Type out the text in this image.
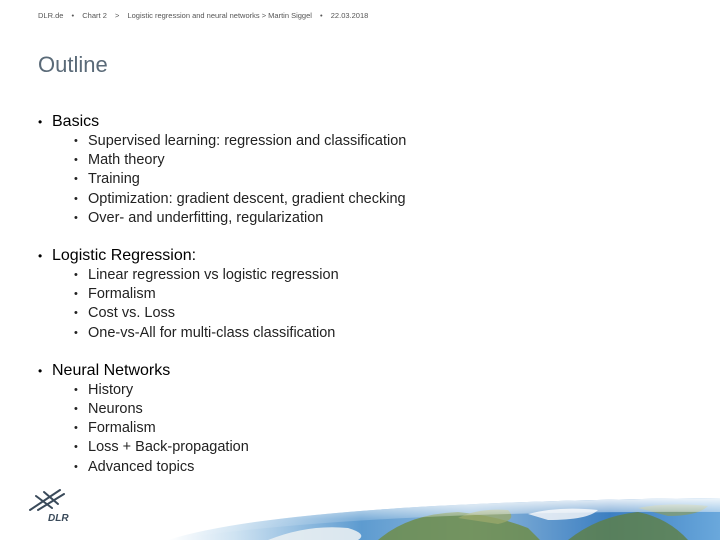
DLR.de • Chart 2 > Logistic regression and neural networks > Martin Siggel • 22.03.2018
Outline
• Basics
• Supervised learning: regression and classification
• Math theory
• Training
• Optimization: gradient descent, gradient checking
• Over- and underfitting, regularization
• Logistic Regression:
• Linear regression vs logistic regression
• Formalism
• Cost vs. Loss
• One-vs-All for multi-class classification
• Neural Networks
• History
• Neurons
• Formalism
• Loss + Back-propagation
• Advanced topics
DLR
